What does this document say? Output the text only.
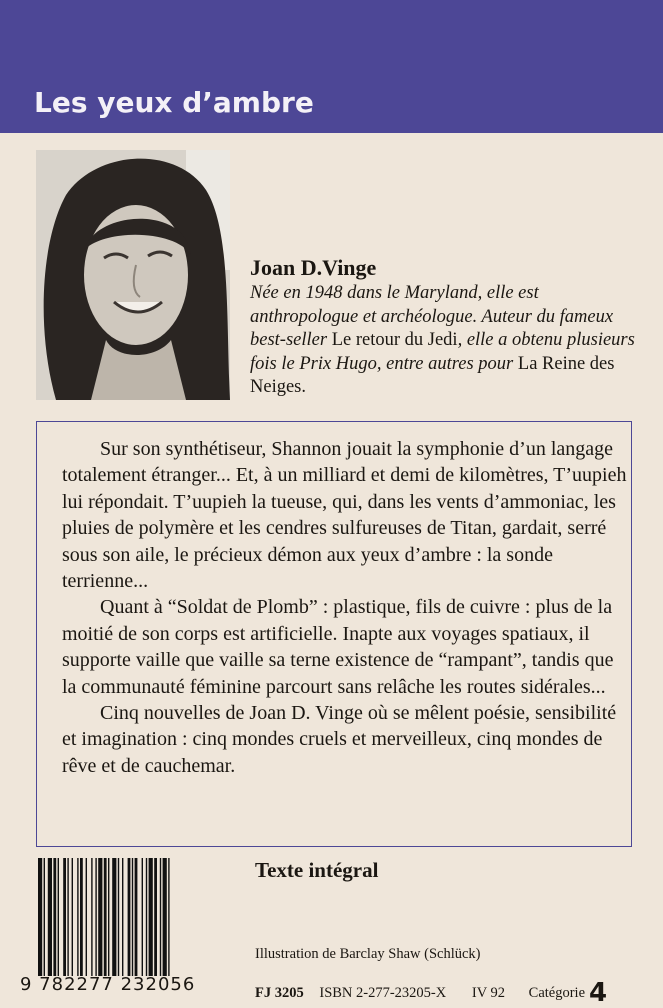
Les yeux d’ambre
Joan D.Vinge

Née en 1948 dans le Maryland, elle est anthropologue et archéologue. Auteur du fameux best-seller Le retour du Jedi, elle a obtenu plusieurs fois le Prix Hugo, entre autres pour La Reine des Neiges.

Sur son synthétiseur, Shannon jouait la symphonie d’un langage totalement étranger... Et, à un milliard et demi de kilomètres, T’uupieh lui répondait. T’uupieh la tueuse, qui, dans les vents d’ammoniac, les pluies de polymère et les cendres sulfureuses de Titan, gardait, serré sous son aile, le précieux démon aux yeux d’ambre : la sonde terrienne...

Quant à “Soldat de Plomb” : plastique, fils de cuivre : plus de la moitié de son corps est artificielle. Inapte aux voyages spatiaux, il supporte vaille que vaille sa terne existence de “rampant”, tandis que la communauté féminine parcourt sans relâche les routes sidérales...

Cinq nouvelles de Joan D. Vinge où se mêlent poésie, sensibilité et imagination : cinq mondes cruels et merveilleux, cinq mondes de rêve et de cauchemar.

9 782277 232056
Texte intégral
Illustration de Barclay Shaw (Schlück)
FJ 3205 ISBN 2-277-23205-X IV 92 Catégorie 4
